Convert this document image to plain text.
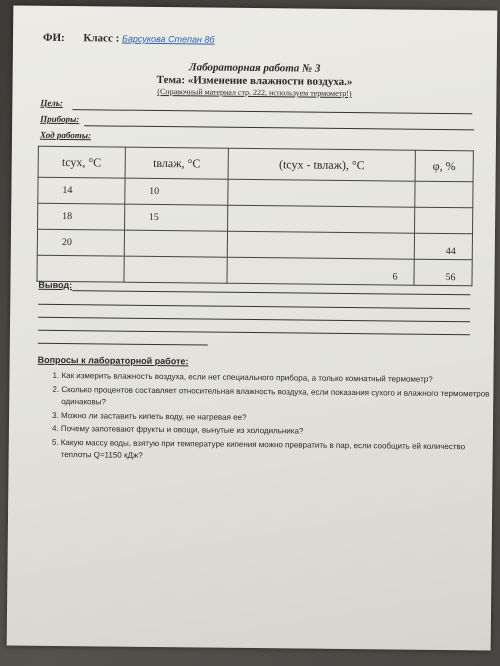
ФИ: Класс : Барсукова Степан 8б
Лабораторная работа № 3
Тема: «Изменение влажности воздуха.»
(Справочный материал стр. 222, используем термометр!)
Цель:
Приборы:
Ход работы:
tсух, °С	tвлаж, °С	(tсух - tвлаж), °С	φ, %
14	10		
18	15		
20			44
		6	56
Вывод:
Вопросы к лабораторной работе:
1. Как измерить влажность воздуха, если нет специального прибора, а только комнатный термометр?
2. Сколько процентов составляет относительная влажность воздуха, если показания сухого и влажного термометров одинаковы?
3. Можно ли заставить кипеть воду, не нагревая ее?
4. Почему запотевают фрукты и овощи, вынутые из холодильника?
5. Какую массу воды, взятую при температуре кипения можно превратить в пар, если сообщить ей количество теплоты Q=1150 кДж?
